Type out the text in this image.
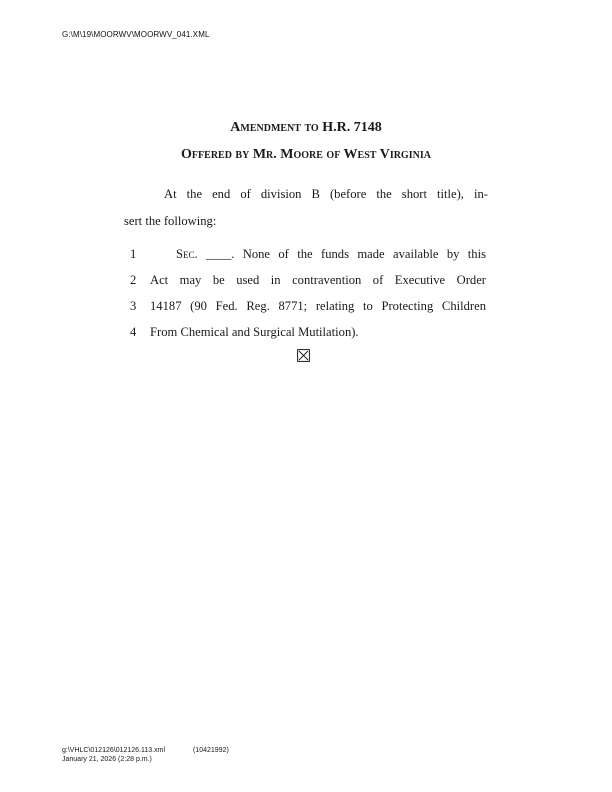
G:\M\19\MOORWV\MOORWV_041.XML
Amendment to H.R. 7148
Offered by Mr. Moore of West Virginia
At the end of division B (before the short title), in-
sert the following:
1	Sec. ____. None of the funds made available by this
2	Act may be used in contravention of Executive Order
3	14187 (90 Fed. Reg. 8771; relating to Protecting Children
4	From Chemical and Surgical Mutilation).
g:\VHLC\012126\012126.113.xml	(10421992)
January 21, 2026 (2:28 p.m.)
